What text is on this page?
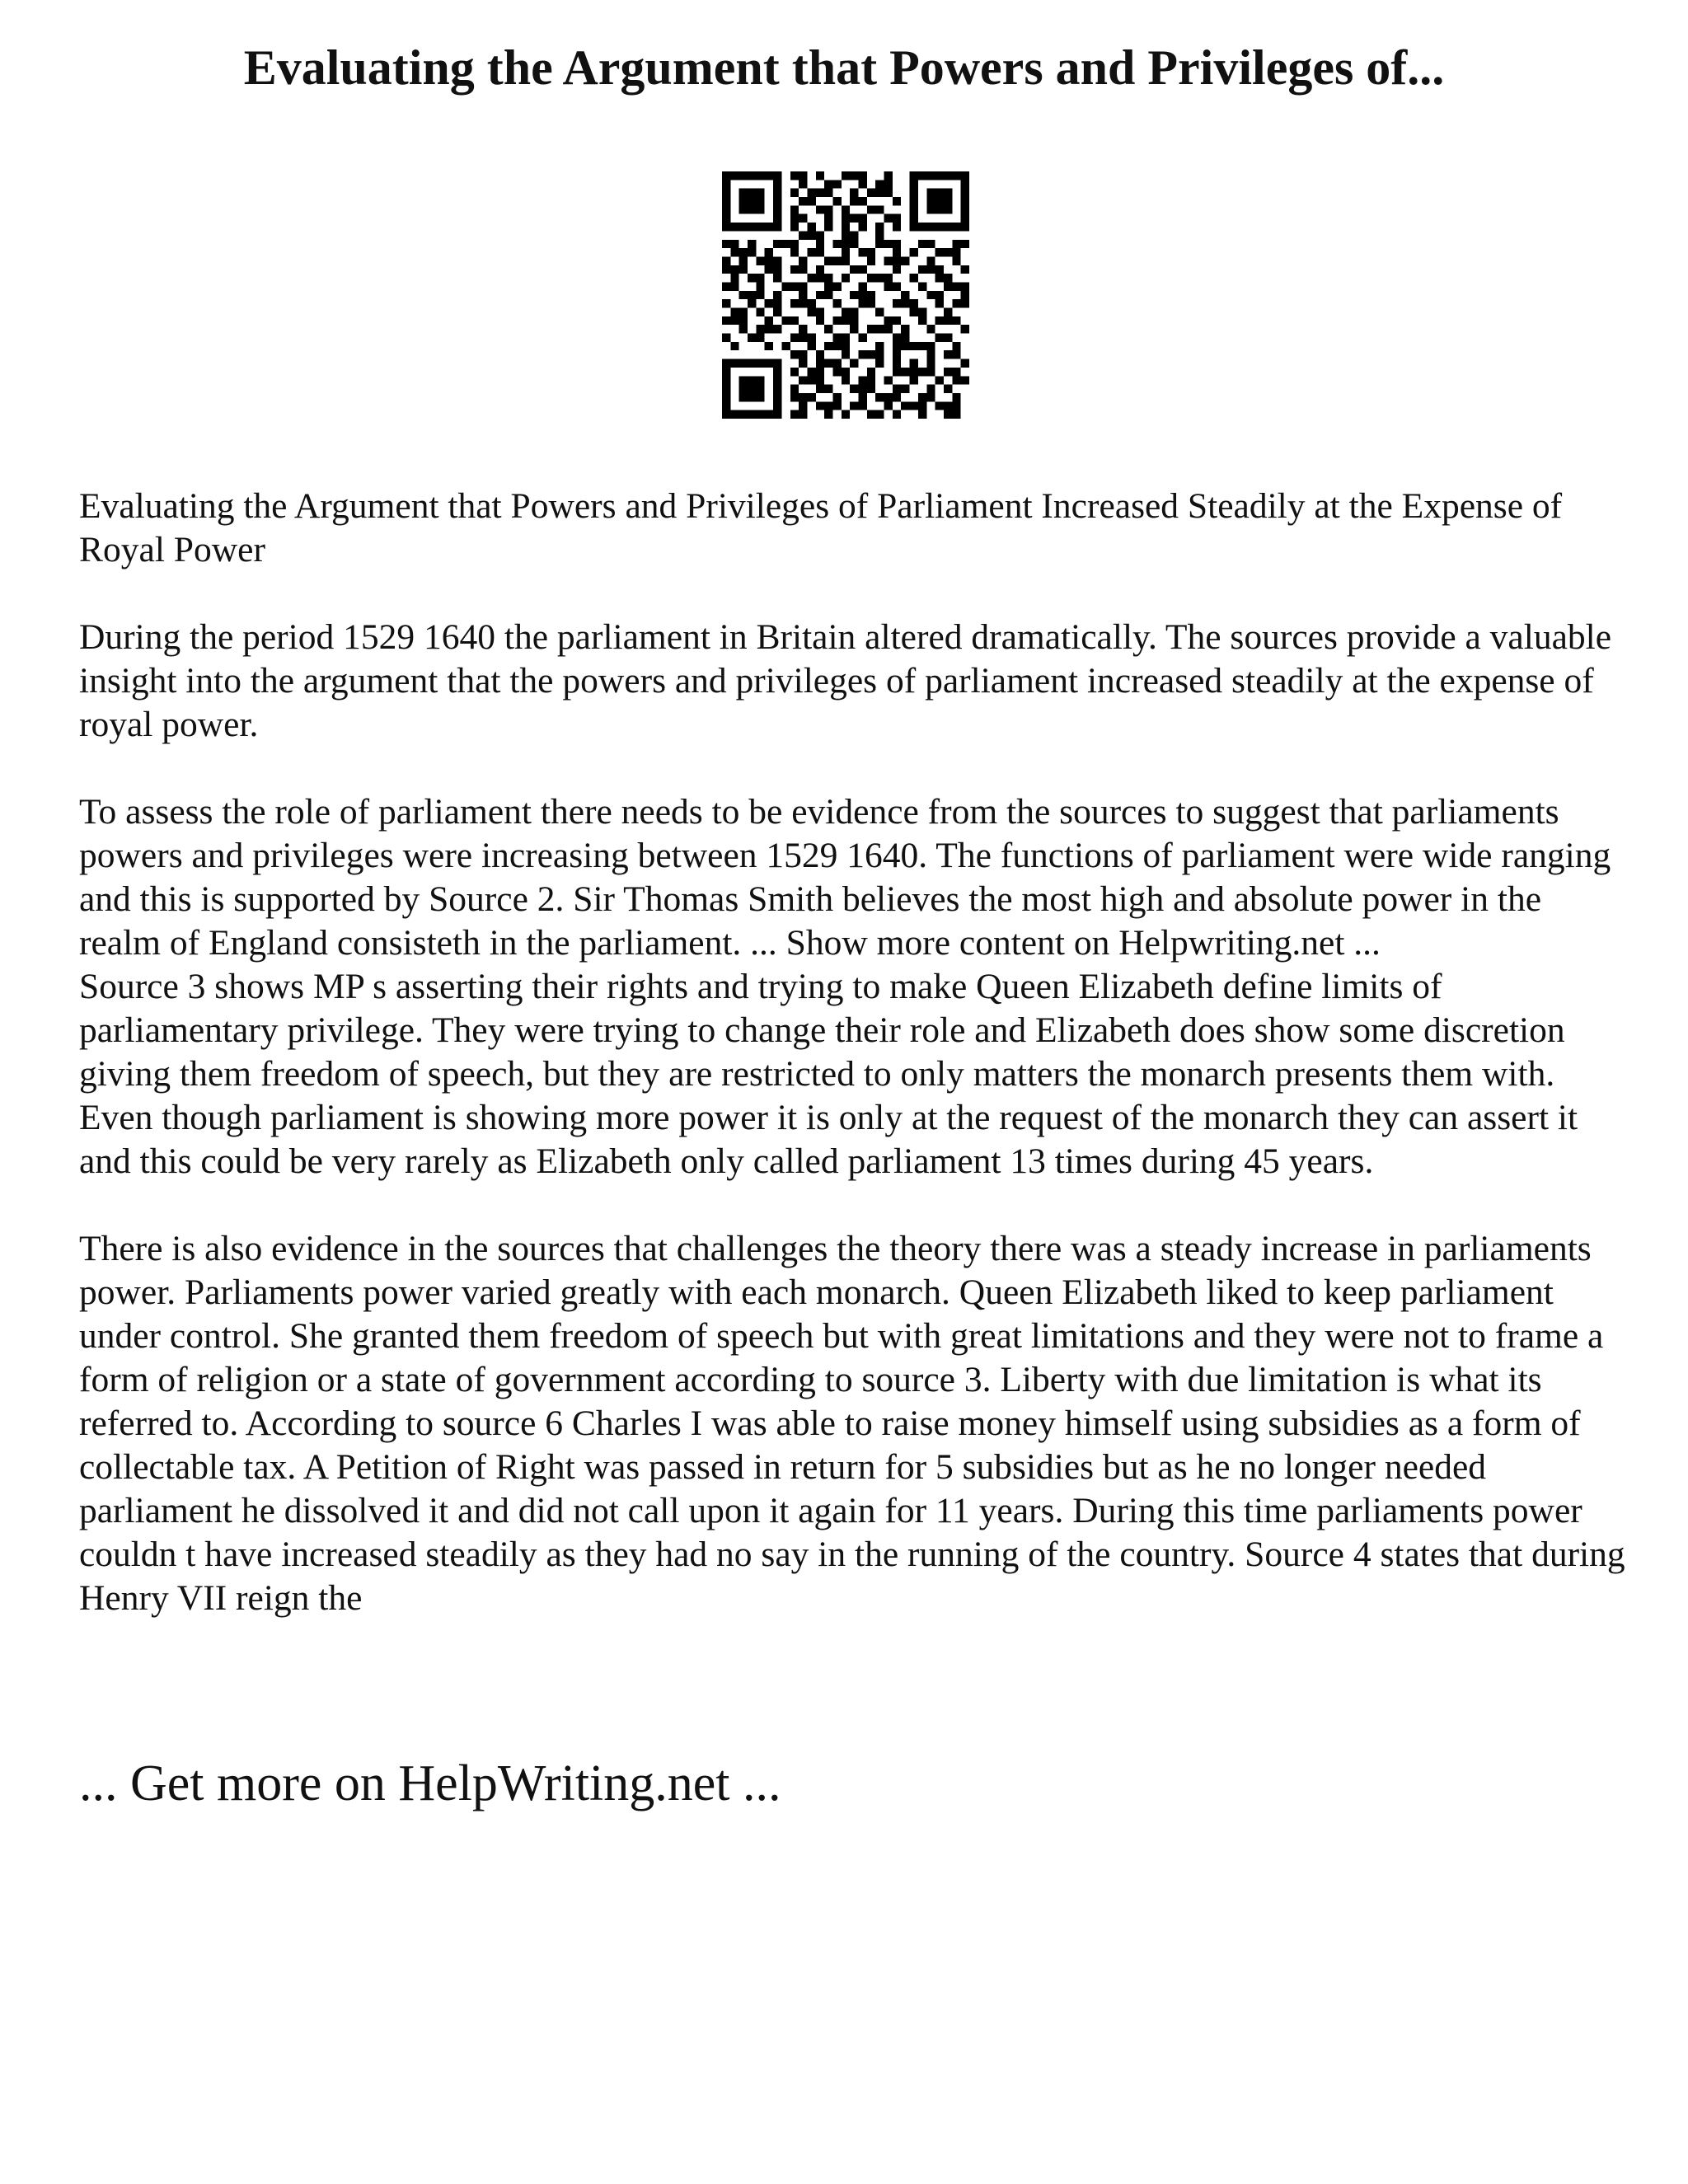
Evaluating the Argument that Powers and Privileges of...

Evaluating the Argument that Powers and Privileges of Parliament Increased Steadily at the Expense of Royal Power

During the period 1529 1640 the parliament in Britain altered dramatically. The sources provide a valuable insight into the argument that the powers and privileges of parliament increased steadily at the expense of royal power.

To assess the role of parliament there needs to be evidence from the sources to suggest that parliaments powers and privileges were increasing between 1529 1640. The functions of parliament were wide ranging and this is supported by Source 2. Sir Thomas Smith believes the most high and absolute power in the realm of England consisteth in the parliament. ... Show more content on Helpwriting.net ...

Source 3 shows MP s asserting their rights and trying to make Queen Elizabeth define limits of parliamentary privilege. They were trying to change their role and Elizabeth does show some discretion giving them freedom of speech, but they are restricted to only matters the monarch presents them with. Even though parliament is showing more power it is only at the request of the monarch they can assert it and this could be very rarely as Elizabeth only called parliament 13 times during 45 years.

There is also evidence in the sources that challenges the theory there was a steady increase in parliaments power. Parliaments power varied greatly with each monarch. Queen Elizabeth liked to keep parliament under control. She granted them freedom of speech but with great limitations and they were not to frame a form of religion or a state of government according to source 3. Liberty with due limitation is what its referred to. According to source 6 Charles I was able to raise money himself using subsidies as a form of collectable tax. A Petition of Right was passed in return for 5 subsidies but as he no longer needed parliament he dissolved it and did not call upon it again for 11 years. During this time parliaments power couldn t have increased steadily as they had no say in the running of the country. Source 4 states that during Henry VII reign the

... Get more on HelpWriting.net ...
